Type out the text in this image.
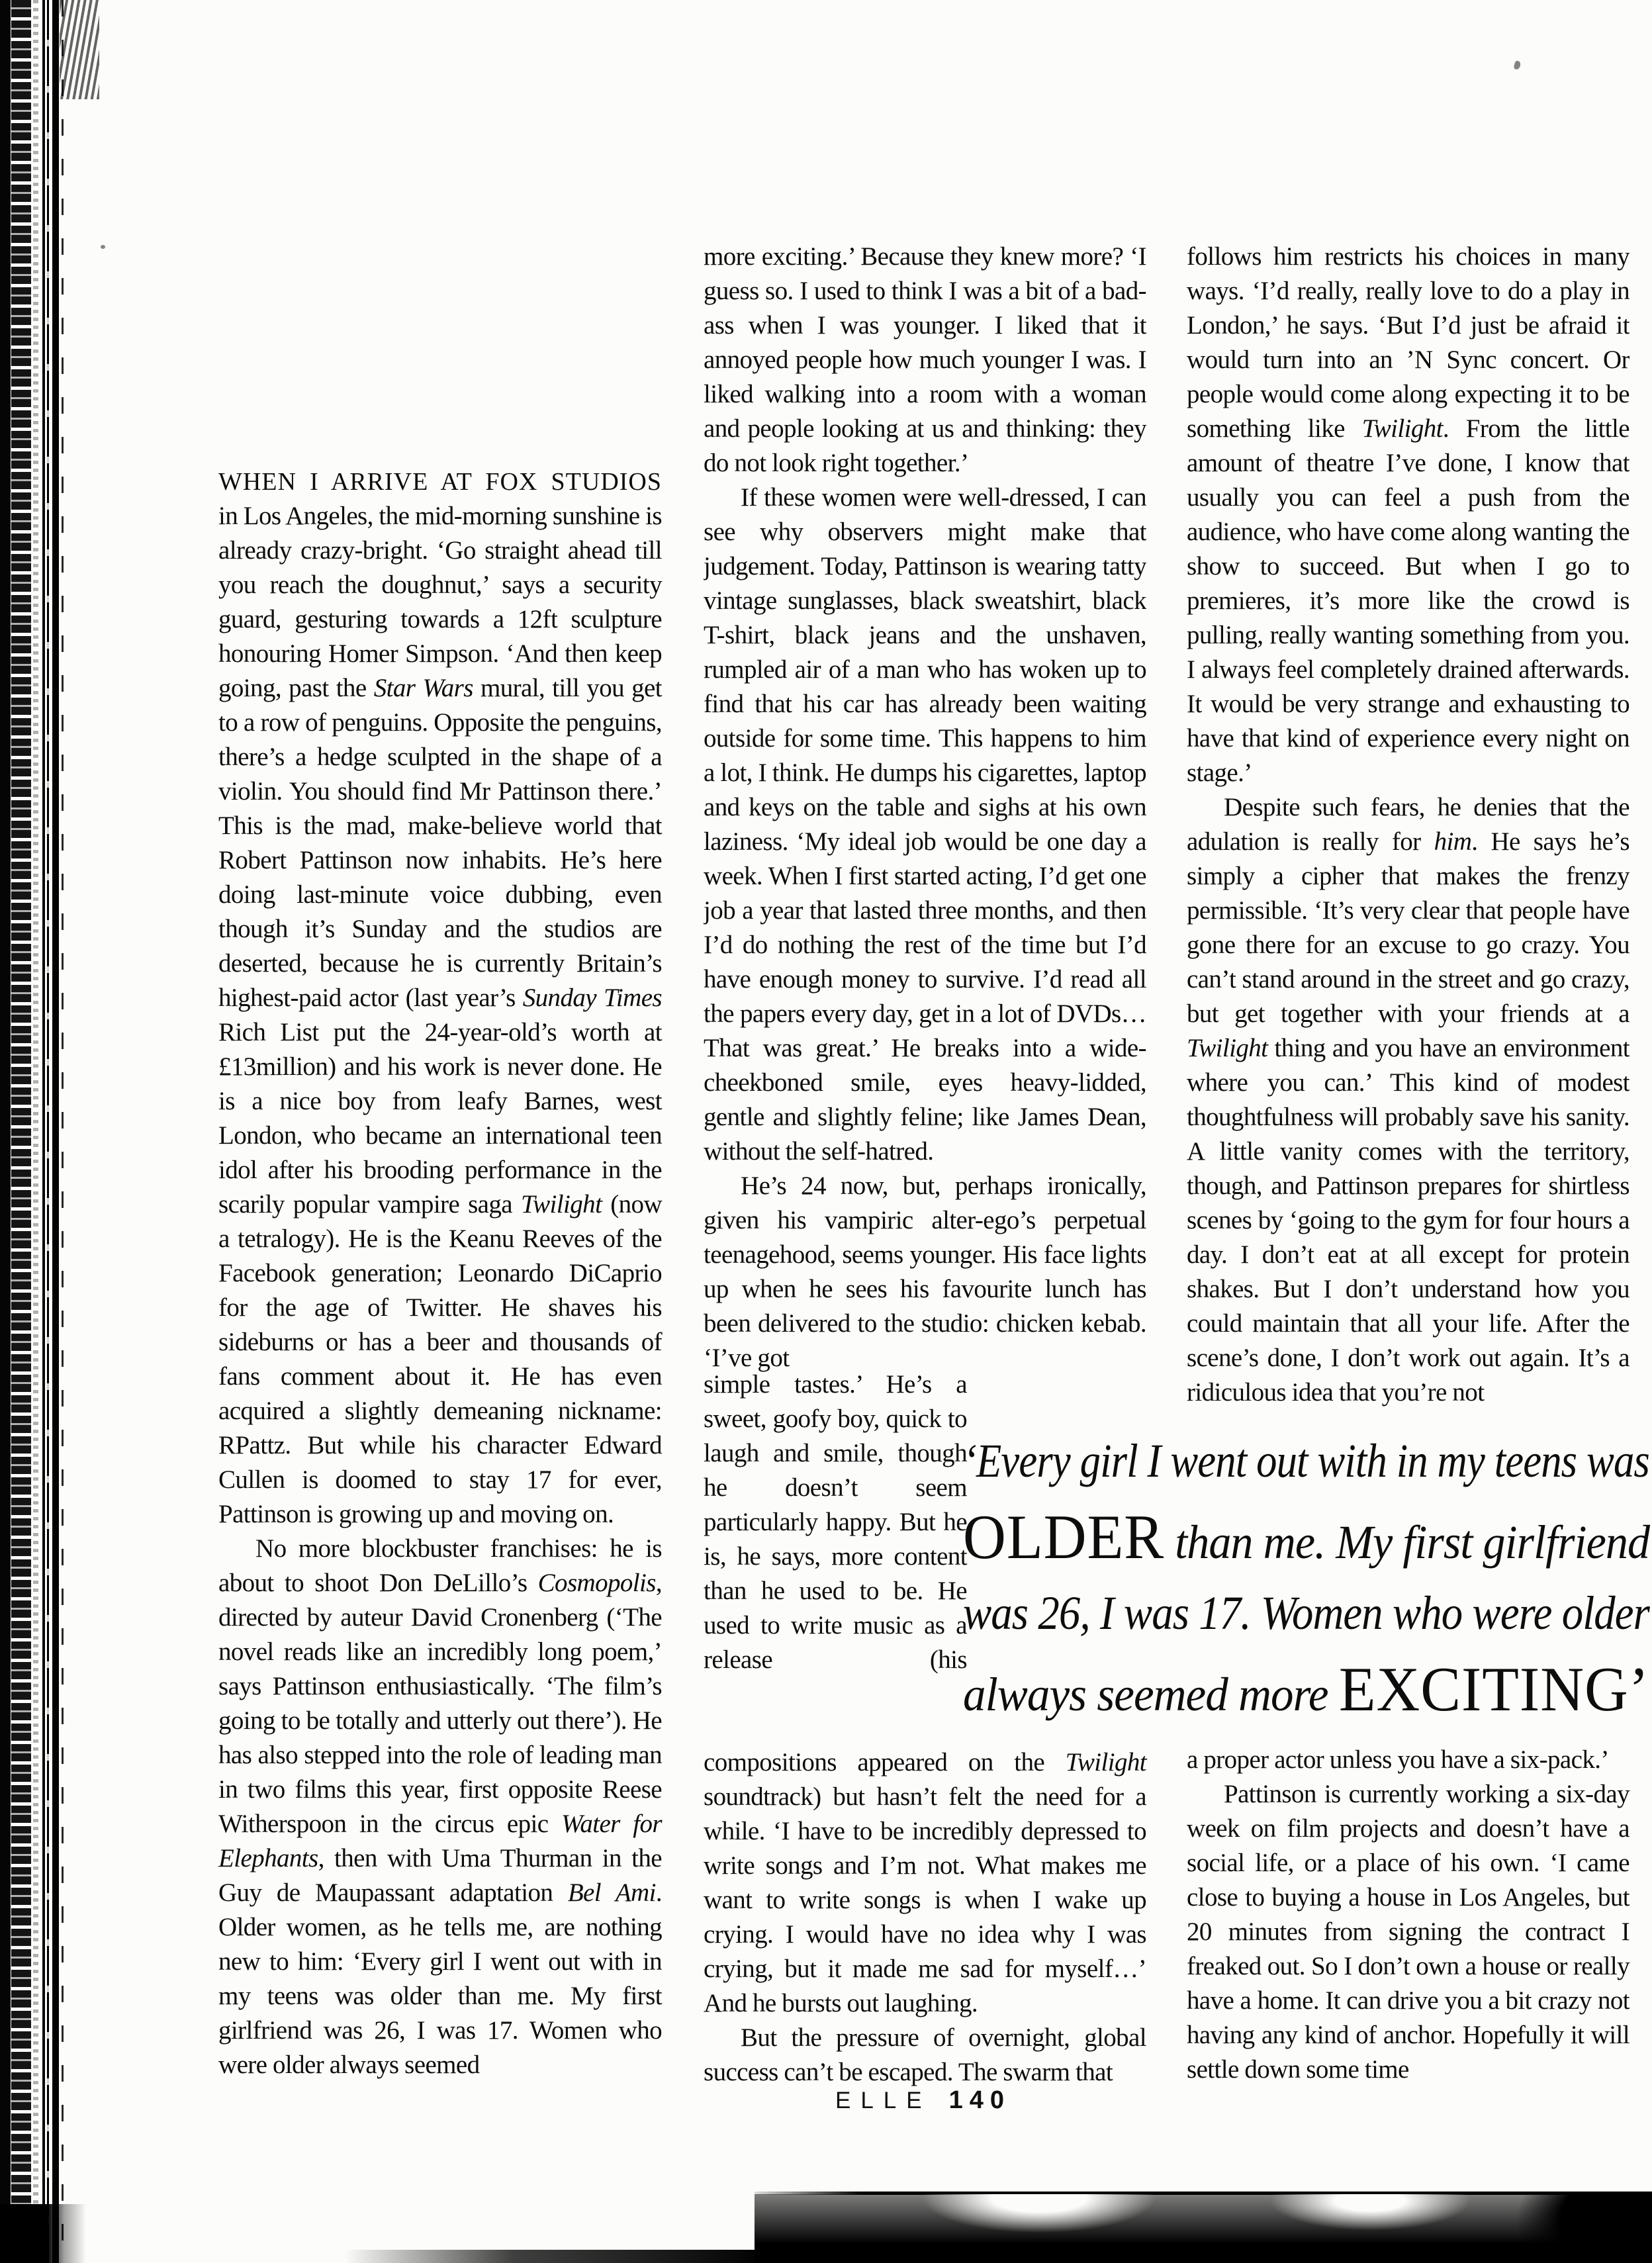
WHEN I ARRIVE AT FOX STUDIOS

in Los Angeles, the mid-morning sunshine is already crazy-bright. ‘Go straight ahead till you reach the doughnut,’ says a security guard, gesturing towards a 12ft sculpture honouring Homer Simpson. ‘And then keep going, past the Star Wars mural, till you get to a row of penguins. Opposite the penguins, there’s a hedge sculpted in the shape of a violin. You should find Mr Pattinson there.’ This is the mad, make-believe world that Robert Pattinson now inhabits. He’s here doing last-minute voice dubbing, even though it’s Sunday and the studios are deserted, because he is currently Britain’s highest-paid actor (last year’s Sunday Times Rich List put the 24-year-old’s worth at £13million) and his work is never done. He is a nice boy from leafy Barnes, west London, who became an international teen idol after his brooding performance in the scarily popular vampire saga Twilight (now a tetralogy). He is the Keanu Reeves of the Facebook generation; Leonardo DiCaprio for the age of Twitter. He shaves his sideburns or has a beer and thousands of fans comment about it. He has even acquired a slightly demeaning nickname: RPattz. But while his character Edward Cullen is doomed to stay 17 for ever, Pattinson is growing up and moving on.

No more blockbuster franchises: he is about to shoot Don DeLillo’s Cosmopolis, directed by auteur David Cronenberg (‘The novel reads like an incredibly long poem,’ says Pattinson enthusiastically. ‘The film’s going to be totally and utterly out there’). He has also stepped into the role of leading man in two films this year, first opposite Reese Witherspoon in the circus epic Water for Elephants, then with Uma Thurman in the Guy de Maupassant adaptation Bel Ami. Older women, as he tells me, are nothing new to him: ‘Every girl I went out with in my teens was older than me. My first girlfriend was 26, I was 17. Women who were older always seemed

more exciting.’ Because they knew more? ‘I guess so. I used to think I was a bit of a bad-ass when I was younger. I liked that it annoyed people how much younger I was. I liked walking into a room with a woman and people looking at us and thinking: they do not look right together.’

If these women were well-dressed, I can see why observers might make that judgement. Today, Pattinson is wearing tatty vintage sunglasses, black sweatshirt, black T-shirt, black jeans and the unshaven, rumpled air of a man who has woken up to find that his car has already been waiting outside for some time. This happens to him a lot, I think. He dumps his cigarettes, laptop and keys on the table and sighs at his own laziness. ‘My ideal job would be one day a week. When I first started acting, I’d get one job a year that lasted three months, and then I’d do nothing the rest of the time but I’d have enough money to survive. I’d read all the papers every day, get in a lot of DVDs… That was great.’ He breaks into a wide-cheekboned smile, eyes heavy-lidded, gentle and slightly feline; like James Dean, without the self-hatred.

He’s 24 now, but, perhaps ironically, given his vampiric alter-ego’s perpetual teenagehood, seems younger. His face lights up when he sees his favourite lunch has been delivered to the studio: chicken kebab. ‘I’ve got

simple tastes.’ He’s a sweet, goofy boy, quick to laugh and smile, though he doesn’t seem particularly happy. But he is, he says, more content than he used to be. He used to write music as a release (his

compositions appeared on the Twilight soundtrack) but hasn’t felt the need for a while. ‘I have to be incredibly depressed to write songs and I’m not. What makes me want to write songs is when I wake up crying. I would have no idea why I was crying, but it made me sad for myself…’ And he bursts out laughing.

But the pressure of overnight, global success can’t be escaped. The swarm that

follows him restricts his choices in many ways. ‘I’d really, really love to do a play in London,’ he says. ‘But I’d just be afraid it would turn into an ’N Sync concert. Or people would come along expecting it to be something like Twilight. From the little amount of theatre I’ve done, I know that usually you can feel a push from the audience, who have come along wanting the show to succeed. But when I go to premieres, it’s more like the crowd is pulling, really wanting something from you. I always feel completely drained afterwards. It would be very strange and exhausting to have that kind of experience every night on stage.’

Despite such fears, he denies that the adulation is really for him. He says he’s simply a cipher that makes the frenzy permissible. ‘It’s very clear that people have gone there for an excuse to go crazy. You can’t stand around in the street and go crazy, but get together with your friends at a Twilight thing and you have an environment where you can.’ This kind of modest thoughtfulness will probably save his sanity. A little vanity comes with the territory, though, and Pattinson prepares for shirtless scenes by ‘going to the gym for four hours a day. I don’t eat at all except for protein shakes. But I don’t understand how you could maintain that all your life. After the scene’s done, I don’t work out again. It’s a ridiculous idea that you’re not

a proper actor unless you have a six-pack.’

Pattinson is currently working a six-day week on film projects and doesn’t have a social life, or a place of his own. ‘I came close to buying a house in Los Angeles, but 20 minutes from signing the contract I freaked out. So I don’t own a house or really have a home. It can drive you a bit crazy not having any kind of anchor. Hopefully it will settle down some time

‘Every girl I went out with in my teens was
OLDER than me. My first girlfriend
was 26, I was 17. Women who were older
always seemed more EXCITING’
ELLE 140
